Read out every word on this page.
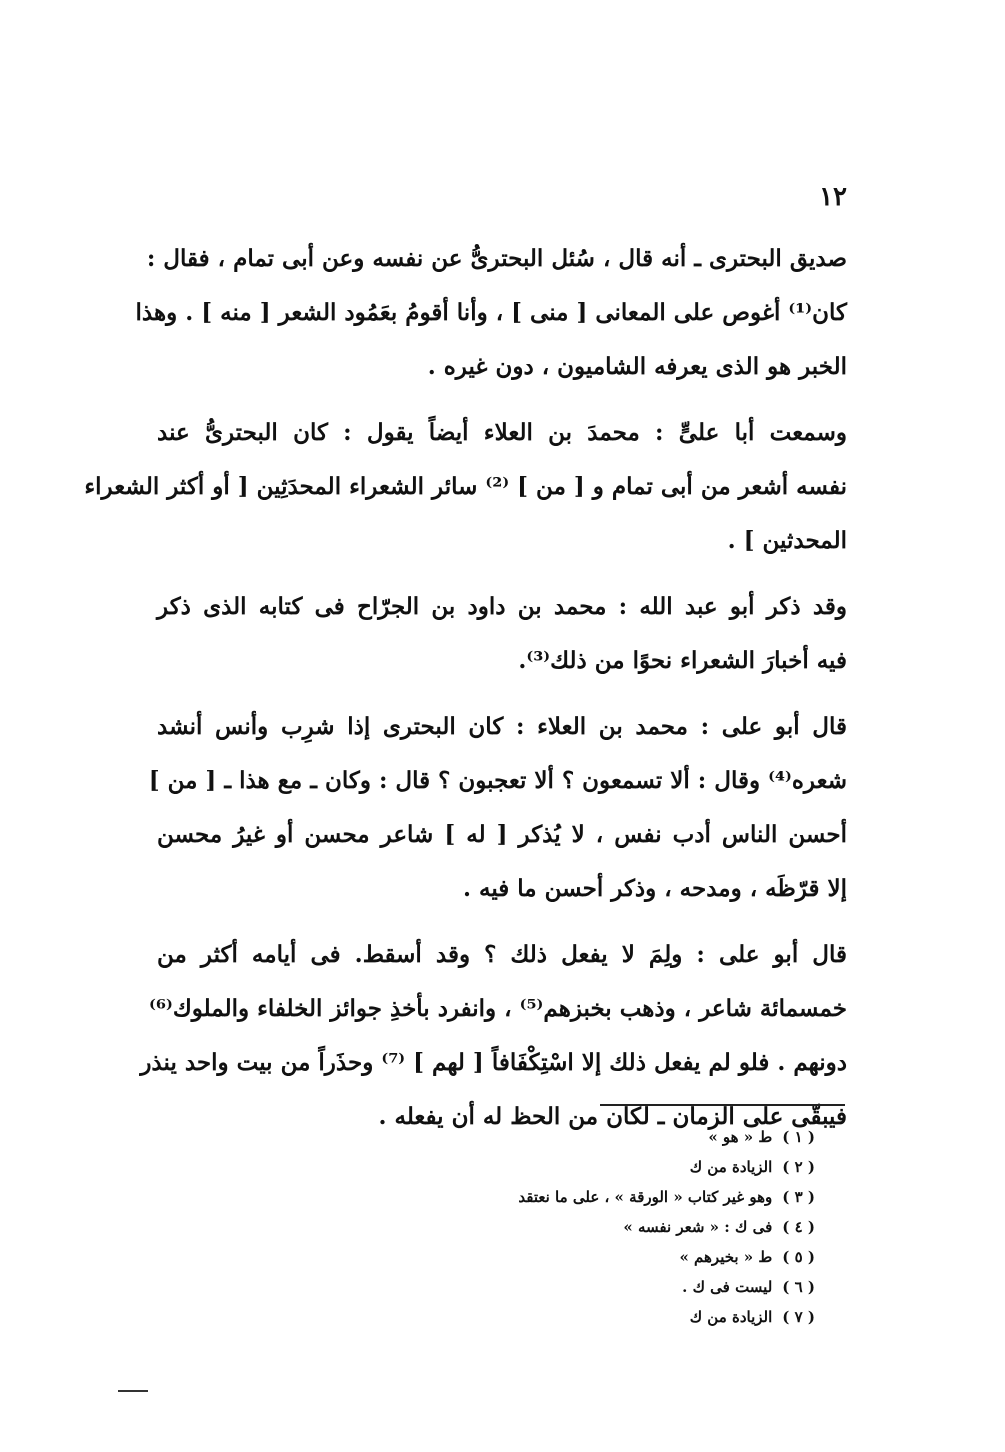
١٢
صديق البحترى ـ أنه قال ، سُئل البحترىُّ عن نفسه وعن أبى تمام ، فقال :
كان⁽¹⁾ أغوص على المعانى [ منى ] ، وأنا أقومُ بعَمُود الشعر [ منه ] . وهذا
الخبر هو الذى يعرفه الشاميون ، دون غيره .
وسمعت أبا علىٍّ : محمدَ بن العلاء أيضاً يقول : كان البحترىُّ عند
نفسه أشعر من أبى تمام و [ من ] ⁽²⁾ سائر الشعراء المحدَثِين [ أو أكثر الشعراء
المحدثين ] .
وقد ذكر أبو عبد الله : محمد بن داود بن الجرّاح فى كتابه الذى ذكر
فيه أخبارَ الشعراء نحوًا من ذلك⁽³⁾.
قال أبو على : محمد بن العلاء : كان البحترى إذا شرِب وأنس أنشد
شعره⁽⁴⁾ وقال : ألا تسمعون ؟ ألا تعجبون ؟ قال : وكان ـ مع هذا ـ [ من ]
أحسن الناس أدب نفس ، لا يُذكر [ له ] شاعر محسن أو غيرُ محسن
إلا قرّظَه ، ومدحه ، وذكر أحسن ما فيه .
قال أبو على : ولِمَ لا يفعل ذلك ؟ وقد أسقط. فى أيامه أكثر من
خمسمائة شاعر ، وذهب بخبزهم⁽⁵⁾ ، وانفرد بأخذِ جوائز الخلفاء والملوك⁽⁶⁾
دونهم . فلو لم يفعل ذلك إلا اسْتِكْفَافاً [ لهم ] ⁽⁷⁾ وحذَراً من بيت واحد ينذر
فيبقّى على الزمان ـ لكان من الحظ له أن يفعله .
( ١ )ط « هو »
( ٢ )الزيادة من ك
( ٣ )وهو غير كتاب « الورقة » ، على ما نعتقد
( ٤ )فى ك : « شعر نفسه »
( ٥ )ط « بخيرهم »
( ٦ )ليست فى ك .
( ٧ )الزيادة من ك
